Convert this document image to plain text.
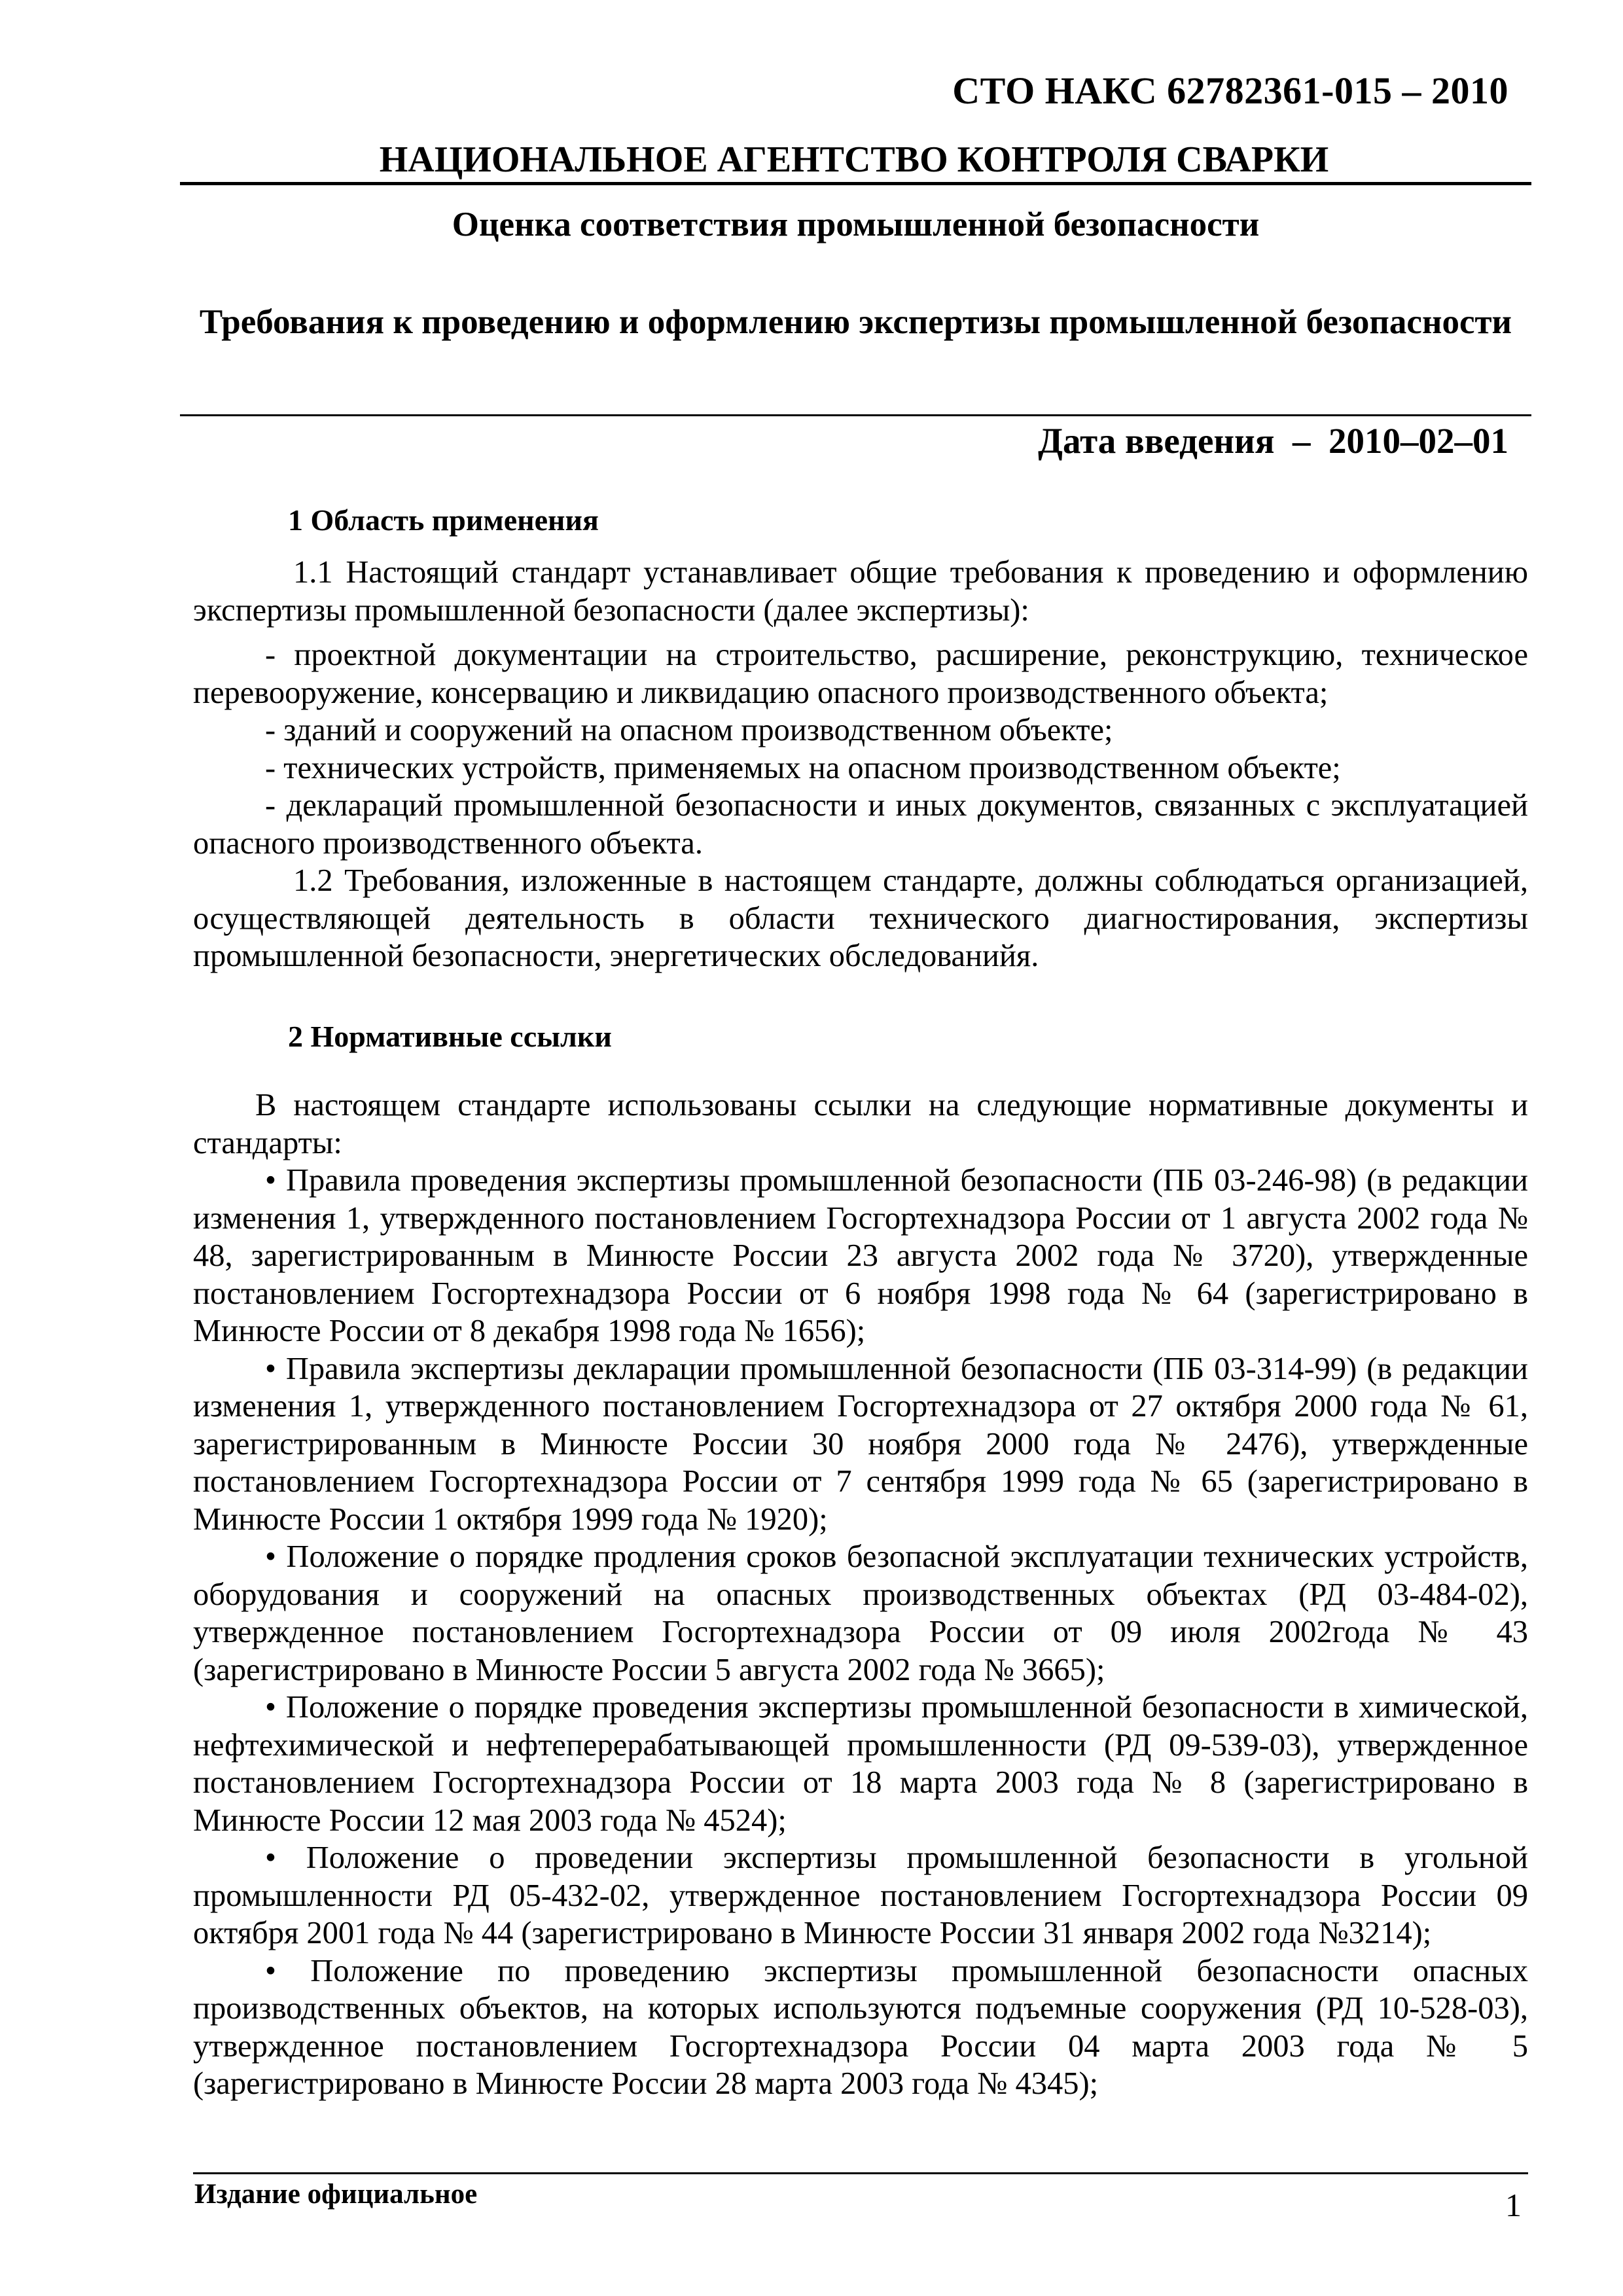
СТО НАКС 62782361-015 – 2010
НАЦИОНАЛЬНОЕ АГЕНТСТВО КОНТРОЛЯ СВАРКИ
Оценка соответствия промышленной безопасности
Требования к проведению и оформлению экспертизы промышленной безопасности
Дата введения  –  2010–02–01
1 Область применения

1.1 Настоящий стандарт устанавливает общие требования к проведению и оформлению экспертизы промышленной безопасности (далее экспертизы):

- проектной документации на строительство, расширение, реконструкцию, техническое перевооружение, консервацию и ликвидацию опасного производственного объекта;

- зданий и сооружений на опасном производственном объекте;

- технических устройств, применяемых на опасном производственном объекте;

- деклараций промышленной безопасности и иных документов, связанных с эксплуатацией опасного производственного объекта.

1.2 Требования, изложенные в настоящем стандарте, должны соблюдаться организацией, осуществляющей деятельность в области технического диагностирования, экспертизы промышленной безопасности, энергетических обследованийя.

2 Нормативные ссылки

В настоящем стандарте использованы ссылки на следующие нормативные документы и стандарты:

• Правила проведения экспертизы промышленной безопасности (ПБ 03-246-98) (в редакции изменения 1, утвержденного постановлением Госгортехнадзора России от 1 августа 2002 года № 48, зарегистрированным в Минюсте России 23 августа 2002 года № 3720), утвержденные постановлением Госгортехнадзора России от 6 ноября 1998 года № 64 (зарегистрировано в Минюсте России от 8 декабря 1998 года № 1656);

• Правила экспертизы декларации промышленной безопасности (ПБ 03-314-99) (в редакции изменения 1, утвержденного постановлением Госгортехнадзора от 27 октября 2000 года № 61, зарегистрированным в Минюсте России 30 ноября 2000 года № 2476), утвержденные постановлением Госгортехнадзора России от 7 сентября 1999 года № 65 (зарегистрировано в Минюсте России 1 октября 1999 года № 1920);

• Положение о порядке продления сроков безопасной эксплуатации технических устройств, оборудования и сооружений на опасных производственных объектах (РД 03-484-02), утвержденное постановлением Госгортехнадзора России от 09 июля 2002года № 43 (зарегистрировано в Минюсте России 5 августа 2002 года № 3665);

• Положение о порядке проведения экспертизы промышленной безопасности в химической, нефтехимической и нефтеперерабатывающей промышленности (РД 09-539-03), утвержденное постановлением Госгортехнадзора России от 18 марта 2003 года № 8 (зарегистрировано в Минюсте России 12 мая 2003 года № 4524);

• Положение о проведении экспертизы промышленной безопасности в угольной промышленности РД 05-432-02, утвержденное постановлением Госгортехнадзора России 09 октября 2001 года № 44 (зарегистрировано в Минюсте России 31 января 2002 года №3214);

• Положение по проведению экспертизы промышленной безопасности опасных производственных объектов, на которых используются подъемные сооружения (РД 10-528-03), утвержденное постановлением Госгортехнадзора России 04 марта 2003 года № 5 (зарегистрировано в Минюсте России 28 марта 2003 года № 4345);

Издание официальное	1
